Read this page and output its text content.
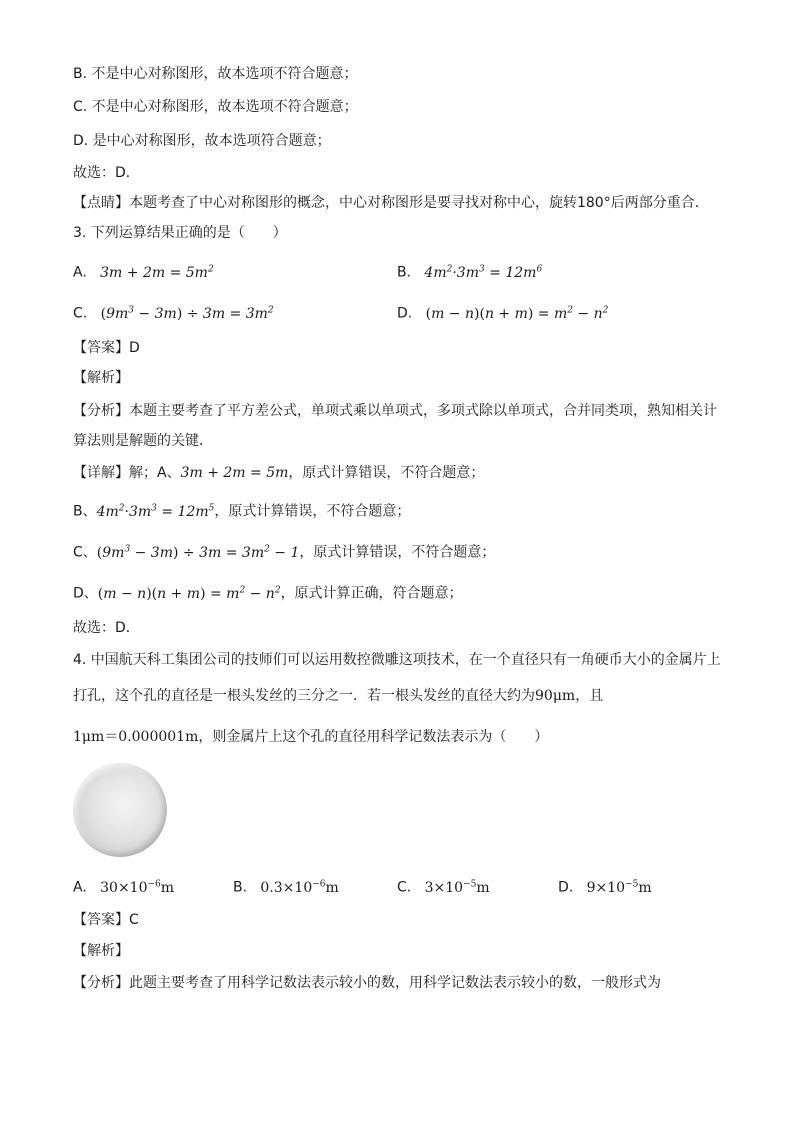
B. 不是中心对称图形，故本选项不符合题意；
C. 不是中心对称图形，故本选项不符合题意；
D. 是中心对称图形，故本选项符合题意；
故选：D．
【点睛】本题考查了中心对称图形的概念，中心对称图形是要寻找对称中心，旋转180°后两部分重合．
3. 下列运算结果正确的是（　　）
A. $3m + 2m = 5m^2$	B. $4m^2\cdot 3m^3 = 12m^6$
C. $(9m^3 - 3m) \div 3m = 3m^2$	D. $(m - n)(n + m) = m^2 - n^2$
【答案】D
【解析】
【分析】本题主要考查了平方差公式，单项式乘以单项式，多项式除以单项式，合并同类项，熟知相关计
算法则是解题的关键．
【详解】解；A、3m + 2m = 5m，原式计算错误，不符合题意；
B、$4m^2\cdot 3m^3 = 12m^5$，原式计算错误，不符合题意；
C、$(9m^3 - 3m) \div 3m = 3m^2 - 1$，原式计算错误，不符合题意；
D、$(m - n)(n + m) = m^2 - n^2$，原式计算正确，符合题意；
故选：D．
4. 中国航天科工集团公司的技师们可以运用数控微雕这项技术，在一个直径只有一角硬币大小的金属片上
打孔，这个孔的直径是一根头发丝的三分之一．若一根头发丝的直径大约为90μm，且
1μm＝0.000001m，则金属片上这个孔的直径用科学记数法表示为（　　）
A. $30\times 10^{-6}m$	B. $0.3\times 10^{-6}m$	C. $3\times 10^{-5}m$	D. $9\times 10^{-5}m$
【答案】C
【解析】
【分析】此题主要考查了用科学记数法表示较小的数，用科学记数法表示较小的数，一般形式为
